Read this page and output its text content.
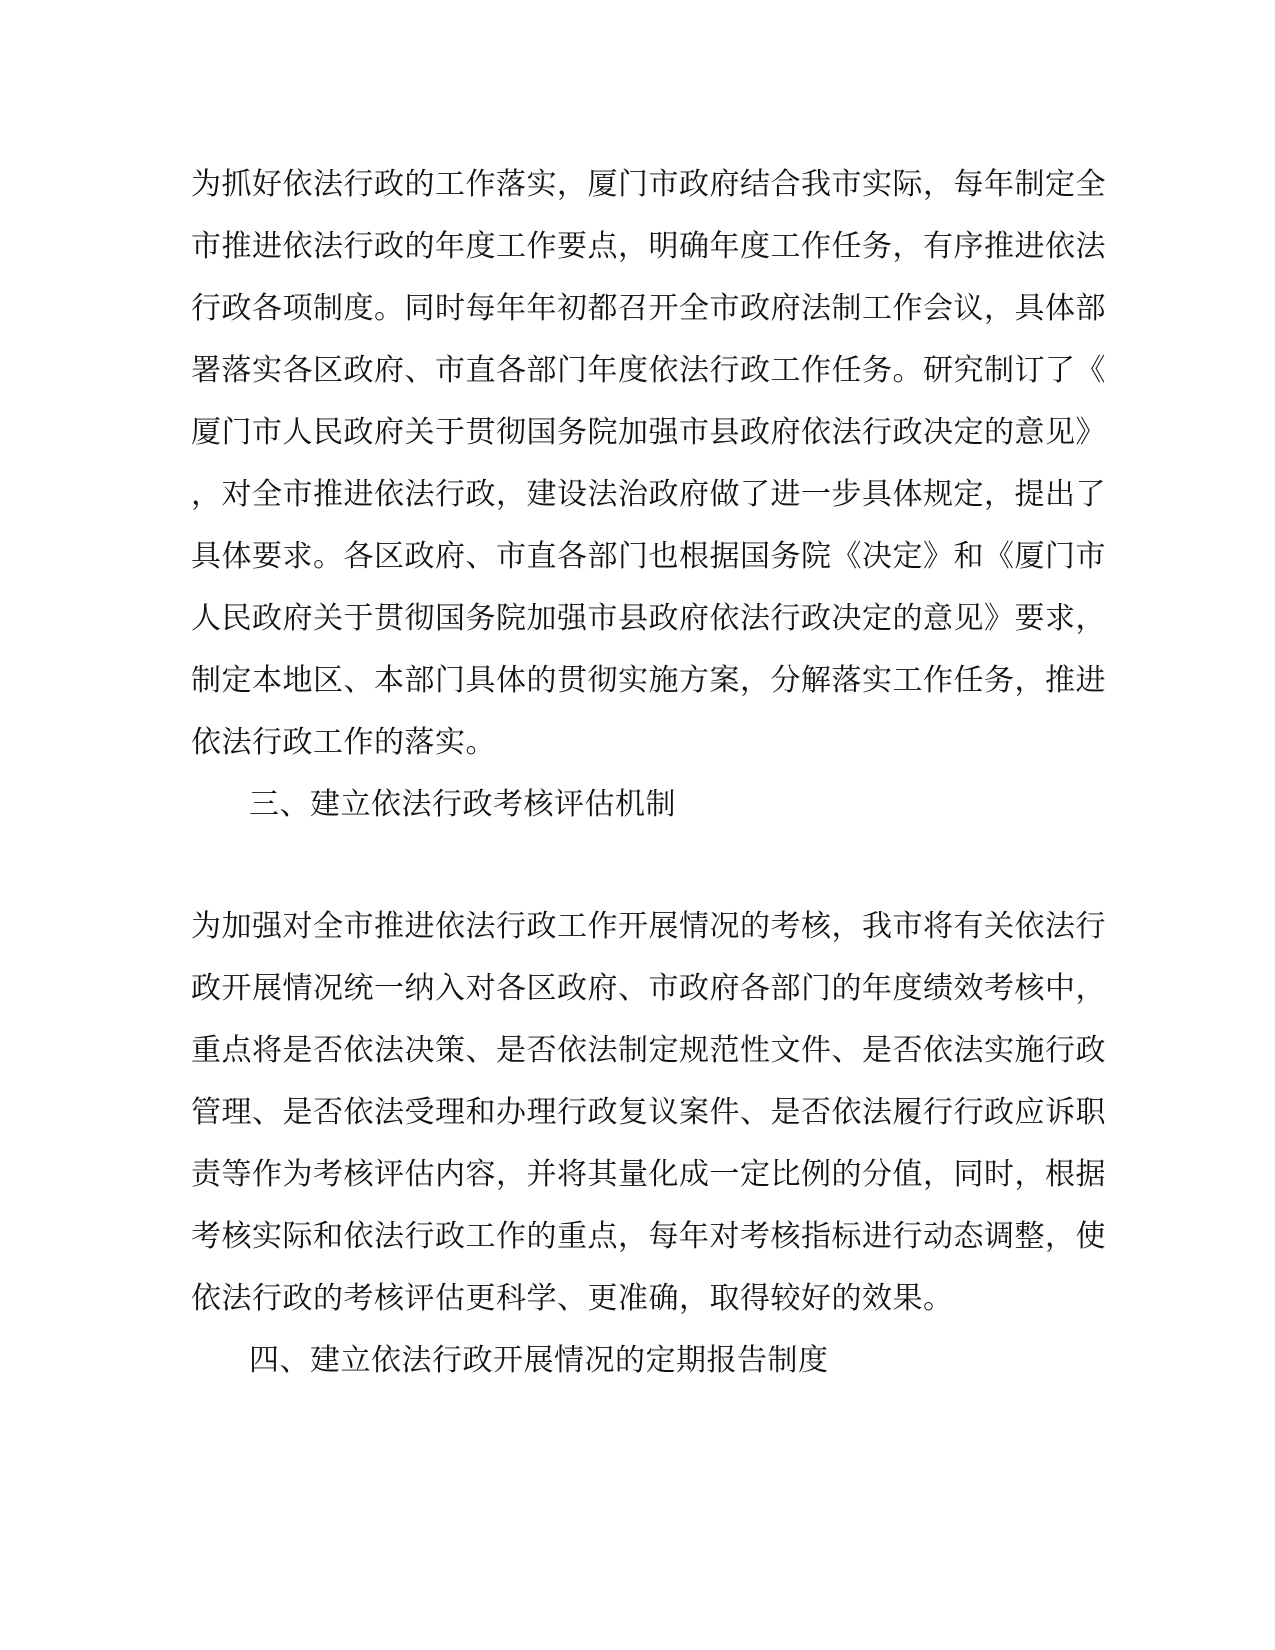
为抓好依法行政的工作落实，厦门市政府结合我市实际，每年制定全
市推进依法行政的年度工作要点，明确年度工作任务，有序推进依法
行政各项制度。同时每年年初都召开全市政府法制工作会议，具体部
署落实各区政府、市直各部门年度依法行政工作任务。研究制订了《
厦门市人民政府关于贯彻国务院加强市县政府依法行政决定的意见》
，对全市推进依法行政，建设法治政府做了进一步具体规定，提出了
具体要求。各区政府、市直各部门也根据国务院《决定》和《厦门市
人民政府关于贯彻国务院加强市县政府依法行政决定的意见》要求，
制定本地区、本部门具体的贯彻实施方案，分解落实工作任务，推进
依法行政工作的落实。
三、建立依法行政考核评估机制
为加强对全市推进依法行政工作开展情况的考核，我市将有关依法行
政开展情况统一纳入对各区政府、市政府各部门的年度绩效考核中，
重点将是否依法决策、是否依法制定规范性文件、是否依法实施行政
管理、是否依法受理和办理行政复议案件、是否依法履行行政应诉职
责等作为考核评估内容，并将其量化成一定比例的分值，同时，根据
考核实际和依法行政工作的重点，每年对考核指标进行动态调整，使
依法行政的考核评估更科学、更准确，取得较好的效果。
四、建立依法行政开展情况的定期报告制度
